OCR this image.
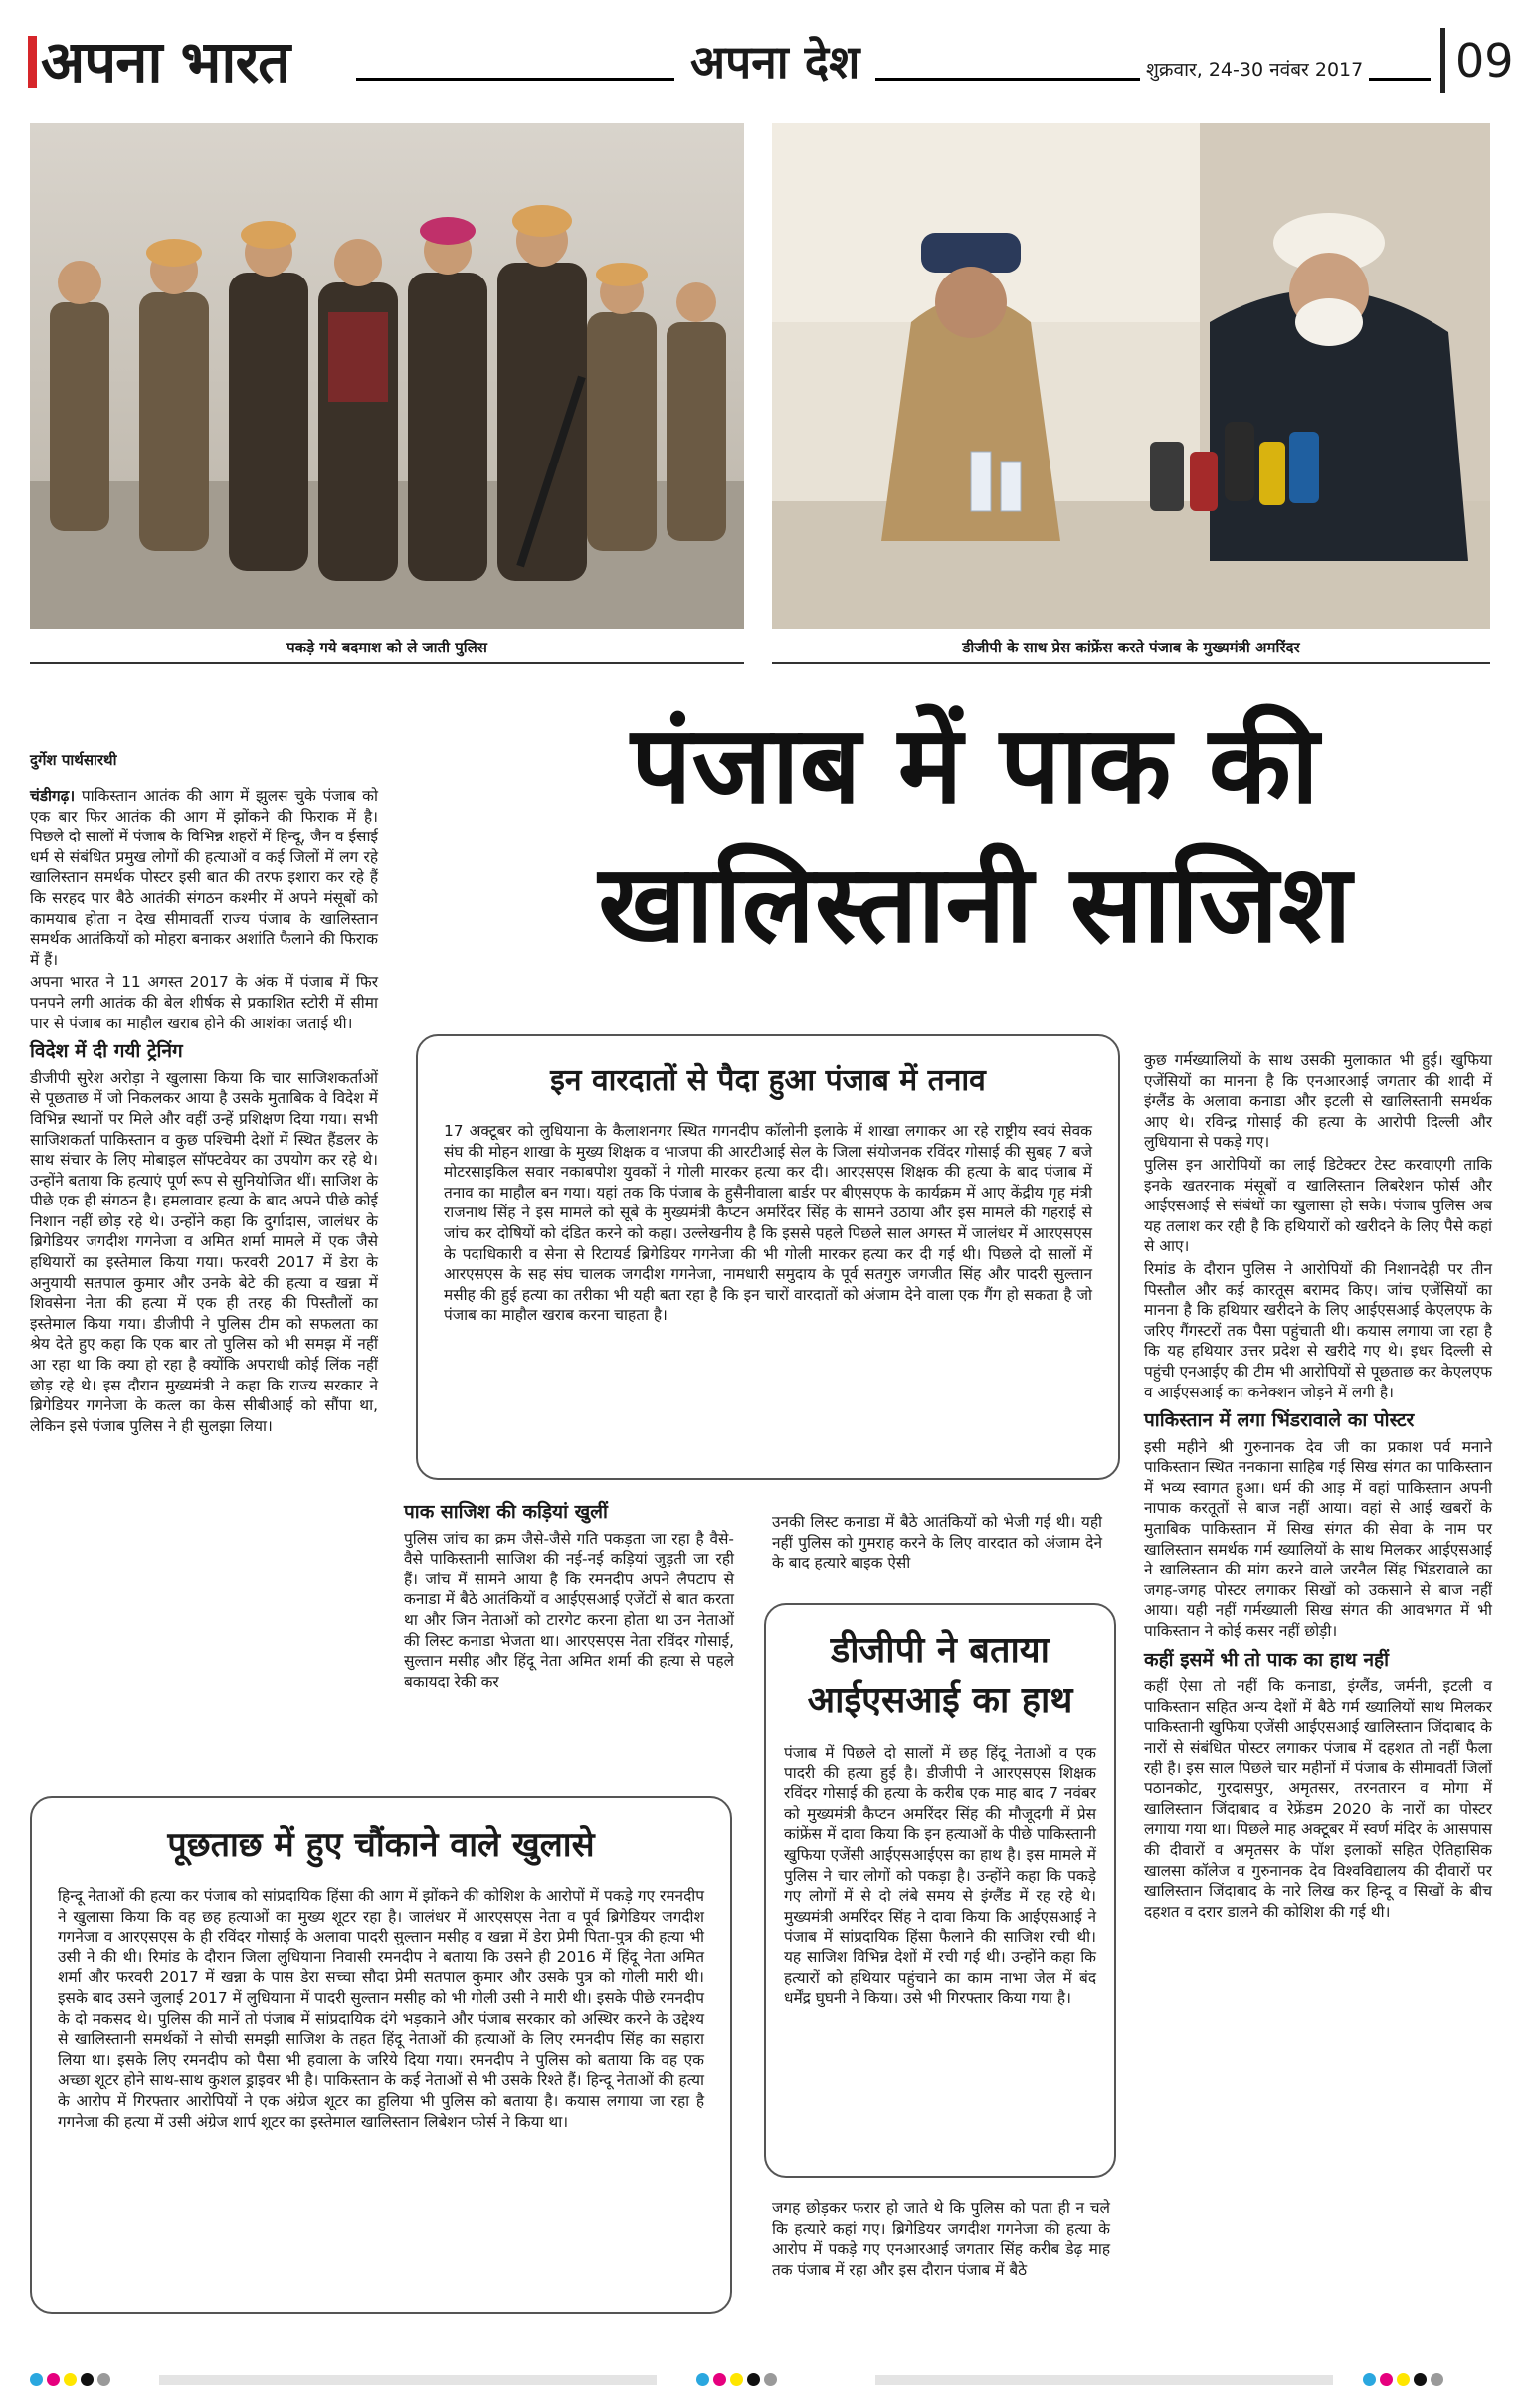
अपना भारत	अपना देश	शुक्रवार, 24-30 नवंबर 2017	09
पकड़े गये बदमाश को ले जाती पुलिस	डीजीपी के साथ प्रेस कांफ्रेंस करते पंजाब के मुख्यमंत्री अमरिंदर
पंजाब में पाक की
खालिस्तानी साजिश
दुर्गेश पार्थसारथी

चंडीगढ़। पाकिस्तान आतंक की आग में झुलस चुके पंजाब को एक बार फिर आतंक की आग में झोंकने की फिराक में है। पिछले दो सालों में पंजाब के विभिन्न शहरों में हिन्दू, जैन व ईसाई धर्म से संबंधित प्रमुख लोगों की हत्याओं व कई जिलों में लग रहे खालिस्तान समर्थक पोस्टर इसी बात की तरफ इशारा कर रहे हैं कि सरहद पार बैठे आतंकी संगठन कश्मीर में अपने मंसूबों को कामयाब होता न देख सीमावर्ती राज्य पंजाब के खालिस्तान समर्थक आतंकियों को मोहरा बनाकर अशांति फैलाने की फिराक में हैं।

अपना भारत ने 11 अगस्त 2017 के अंक में पंजाब में फिर पनपने लगी आतंक की बेल शीर्षक से प्रकाशित स्टोरी में सीमा पार से पंजाब का माहौल खराब होने की आशंका जताई थी।

विदेश में दी गयी ट्रेनिंग

डीजीपी सुरेश अरोड़ा ने खुलासा किया कि चार साजिशकर्ताओं से पूछताछ में जो निकलकर आया है उसके मुताबिक वे विदेश में विभिन्न स्थानों पर मिले और वहीं उन्हें प्रशिक्षण दिया गया। सभी साजिशकर्ता पाकिस्तान व कुछ पश्चिमी देशों में स्थित हैंडलर के साथ संचार के लिए मोबाइल सॉफ्टवेयर का उपयोग कर रहे थे। उन्होंने बताया कि हत्याएं पूर्ण रूप से सुनियोजित थीं। साजिश के पीछे एक ही संगठन है। हमलावार हत्या के बाद अपने पीछे कोई निशान नहीं छोड़ रहे थे। उन्होंने कहा कि दुर्गादास, जालंधर के ब्रिगेडियर जगदीश गगनेजा व अमित शर्मा मामले में एक जैसे हथियारों का इस्तेमाल किया गया। फरवरी 2017 में डेरा के अनुयायी सतपाल कुमार और उनके बेटे की हत्या व खन्ना में शिवसेना नेता की हत्या में एक ही तरह की पिस्तौलों का इस्तेमाल किया गया। डीजीपी ने पुलिस टीम को सफलता का श्रेय देते हुए कहा कि एक बार तो पुलिस को भी समझ में नहीं आ रहा था कि क्या हो रहा है क्योंकि अपराधी कोई लिंक नहीं छोड़ रहे थे। इस दौरान मुख्यमंत्री ने कहा कि राज्य सरकार ने ब्रिगेडियर गगनेजा के कत्ल का केस सीबीआई को सौंपा था, लेकिन इसे पंजाब पुलिस ने ही सुलझा लिया।

इन वारदातों से पैदा हुआ पंजाब में तनाव
17 अक्टूबर को लुधियाना के कैलाशनगर स्थित गगनदीप कॉलोनी इलाके में शाखा लगाकर आ रहे राष्ट्रीय स्वयं सेवक संघ की मोहन शाखा के मुख्य शिक्षक व भाजपा की आरटीआई सेल के जिला संयोजनक रविंदर गोसाई की सुबह 7 बजे मोटरसाइकिल सवार नकाबपोश युवकों ने गोली मारकर हत्या कर दी। आरएसएस शिक्षक की हत्या के बाद पंजाब में तनाव का माहौल बन गया। यहां तक कि पंजाब के हुसैनीवाला बार्डर पर बीएसएफ के कार्यक्रम में आए केंद्रीय गृह मंत्री राजनाथ सिंह ने इस मामले को सूबे के मुख्यमंत्री कैप्टन अमरिंदर सिंह के सामने उठाया और इस मामले की गहराई से जांच कर दोषियों को दंडित करने को कहा। उल्लेखनीय है कि इससे पहले पिछले साल अगस्त में जालंधर में आरएसएस के पदाधिकारी व सेना से रिटायर्ड ब्रिगेडियर गगनेजा की भी गोली मारकर हत्या कर दी गई थी। पिछले दो सालों में आरएसएस के सह संघ चालक जगदीश गगनेजा, नामधारी समुदाय के पूर्व सतगुरु जगजीत सिंह और पादरी सुल्तान मसीह की हुई हत्या का तरीका भी यही बता रहा है कि इन चारों वारदातों को अंजाम देने वाला एक गैंग हो सकता है जो पंजाब का माहौल खराब करना चाहता है।
पाक साजिश की कड़ियां खुलीं

पुलिस जांच का क्रम जैसे-जैसे गति पकड़ता जा रहा है वैसे-वैसे पाकिस्तानी साजिश की नई-नई कड़ियां जुड़ती जा रही हैं। जांच में सामने आया है कि रमनदीप अपने लैपटाप से कनाडा में बैठे आतंकियों व आईएसआई एजेंटों से बात करता था और जिन नेताओं को टारगेट करना होता था उन नेताओं की लिस्ट कनाडा भेजता था। आरएसएस नेता रविंदर गोसाई, सुल्तान मसीह और हिंदू नेता अमित शर्मा की हत्या से पहले बकायदा रेकी कर

उनकी लिस्ट कनाडा में बैठे आतंकियों को भेजी गई थी। यही नहीं पुलिस को गुमराह करने के लिए वारदात को अंजाम देने के बाद हत्यारे बाइक ऐसी

डीजीपी ने बताया
आईएसआई का हाथ
पंजाब में पिछले दो सालों में छह हिंदू नेताओं व एक पादरी की हत्या हुई है। डीजीपी ने आरएसएस शिक्षक रविंदर गोसाई की हत्या के करीब एक माह बाद 7 नवंबर को मुख्यमंत्री कैप्टन अमरिंदर सिंह की मौजूदगी में प्रेस कांफ्रेंस में दावा किया कि इन हत्याओं के पीछे पाकिस्तानी खुफिया एजेंसी आईएसआईएस का हाथ है। इस मामले में पुलिस ने चार लोगों को पकड़ा है। उन्होंने कहा कि पकड़े गए लोगों में से दो लंबे समय से इंग्लैंड में रह रहे थे। मुख्यमंत्री अमरिंदर सिंह ने दावा किया कि आईएसआई ने पंजाब में सांप्रदायिक हिंसा फैलाने की साजिश रची थी। यह साजिश विभिन्न देशों में रची गई थी। उन्होंने कहा कि हत्यारों को हथियार पहुंचाने का काम नाभा जेल में बंद धर्मेंद्र घुघनी ने किया। उसे भी गिरफ्तार किया गया है।

जगह छोड़कर फरार हो जाते थे कि पुलिस को पता ही न चले कि हत्यारे कहां गए। ब्रिगेडियर जगदीश गगनेजा की हत्या के आरोप में पकड़े गए एनआरआई जगतार सिंह करीब डेढ़ माह तक पंजाब में रहा और इस दौरान पंजाब में बैठे

पूछताछ में हुए चौंकाने वाले खुलासे
हिन्दू नेताओं की हत्या कर पंजाब को सांप्रदायिक हिंसा की आग में झोंकने की कोशिश के आरोपों में पकड़े गए रमनदीप ने खुलासा किया कि वह छह हत्याओं का मुख्य शूटर रहा है। जालंधर में आरएसएस नेता व पूर्व ब्रिगेडियर जगदीश गगनेजा व आरएसएस के ही रविंदर गोसाई के अलावा पादरी सुल्तान मसीह व खन्ना में डेरा प्रेमी पिता-पुत्र की हत्या भी उसी ने की थी। रिमांड के दौरान जिला लुधियाना निवासी रमनदीप ने बताया कि उसने ही 2016 में हिंदू नेता अमित शर्मा और फरवरी 2017 में खन्ना के पास डेरा सच्चा सौदा प्रेमी सतपाल कुमार और उसके पुत्र को गोली मारी थी। इसके बाद उसने जुलाई 2017 में लुधियाना में पादरी सुल्तान मसीह को भी गोली उसी ने मारी थी। इसके पीछे रमनदीप के दो मकसद थे। पुलिस की मानें तो पंजाब में सांप्रदायिक दंगे भड़काने और पंजाब सरकार को अस्थिर करने के उद्देश्य से खालिस्तानी समर्थकों ने सोची समझी साजिश के तहत हिंदू नेताओं की हत्याओं के लिए रमनदीप सिंह का सहारा लिया था। इसके लिए रमनदीप को पैसा भी हवाला के जरिये दिया गया। रमनदीप ने पुलिस को बताया कि वह एक अच्छा शूटर होने साथ-साथ कुशल ड्राइवर भी है। पाकिस्तान के कई नेताओं से भी उसके रिश्ते हैं। हिन्दू नेताओं की हत्या के आरोप में गिरफ्तार आरोपियों ने एक अंग्रेज शूटर का हुलिया भी पुलिस को बताया है। कयास लगाया जा रहा है गगनेजा की हत्या में उसी अंग्रेज शार्प शूटर का इस्तेमाल खालिस्तान लिबेशन फोर्स ने किया था।

कुछ गर्मख्यालियों के साथ उसकी मुलाकात भी हुई। खुफिया एजेंसियों का मानना है कि एनआरआई जगतार की शादी में इंग्लैंड के अलावा कनाडा और इटली से खालिस्तानी समर्थक आए थे। रविन्द्र गोसाई की हत्या के आरोपी दिल्ली और लुधियाना से पकड़े गए।

पुलिस इन आरोपियों का लाई डिटेक्टर टेस्ट करवाएगी ताकि इनके खतरनाक मंसूबों व खालिस्तान लिबरेशन फोर्स और आईएसआई से संबंधों का खुलासा हो सके। पंजाब पुलिस अब यह तलाश कर रही है कि हथियारों को खरीदने के लिए पैसे कहां से आए।

रिमांड के दौरान पुलिस ने आरोपियों की निशानदेही पर तीन पिस्तौल और कई कारतूस बरामद किए। जांच एजेंसियों का मानना है कि हथियार खरीदने के लिए आईएसआई केएलएफ के जरिए गैंगस्टरों तक पैसा पहुंचाती थी। कयास लगाया जा रहा है कि यह हथियार उत्तर प्रदेश से खरीदे गए थे। इधर दिल्ली से पहुंची एनआईए की टीम भी आरोपियों से पूछताछ कर केएलएफ व आईएसआई का कनेक्शन जोड़ने में लगी है।

पाकिस्तान में लगा भिंडरावाले का पोस्टर

इसी महीने श्री गुरुनानक देव जी का प्रकाश पर्व मनाने पाकिस्तान स्थित ननकाना साहिब गई सिख संगत का पाकिस्तान में भव्य स्वागत हुआ। धर्म की आड़ में वहां पाकिस्तान अपनी नापाक करतूतों से बाज नहीं आया। वहां से आई खबरों के मुताबिक पाकिस्तान में सिख संगत की सेवा के नाम पर खालिस्तान समर्थक गर्म ख्यालियों के साथ मिलकर आईएसआई ने खालिस्तान की मांग करने वाले जरनैल सिंह भिंडरावाले का जगह-जगह पोस्टर लगाकर सिखों को उकसाने से बाज नहीं आया। यही नहीं गर्मख्याली सिख संगत की आवभगत में भी पाकिस्तान ने कोई कसर नहीं छोड़ी।

कहीं इसमें भी तो पाक का हाथ नहीं

कहीं ऐसा तो नहीं कि कनाडा, इंग्लैंड, जर्मनी, इटली व पाकिस्तान सहित अन्य देशों में बैठे गर्म ख्यालियों साथ मिलकर पाकिस्तानी खुफिया एजेंसी आईएसआई खालिस्तान जिंदाबाद के नारों से संबंधित पोस्टर लगाकर पंजाब में दहशत तो नहीं फैला रही है। इस साल पिछले चार महीनों में पंजाब के सीमावर्ती जिलों पठानकोट, गुरदासपुर, अमृतसर, तरनतारन व मोगा में खालिस्तान जिंदाबाद व रेफ्रेंडम 2020 के नारों का पोस्टर लगाया गया था। पिछले माह अक्टूबर में स्वर्ण मंदिर के आसपास की दीवारों व अमृतसर के पॉश इलाकों सहित ऐतिहासिक खालसा कॉलेज व गुरुनानक देव विश्वविद्यालय की दीवारों पर खालिस्तान जिंदाबाद के नारे लिख कर हिन्दू व सिखों के बीच दहशत व दरार डालने की कोशिश की गई थी।
